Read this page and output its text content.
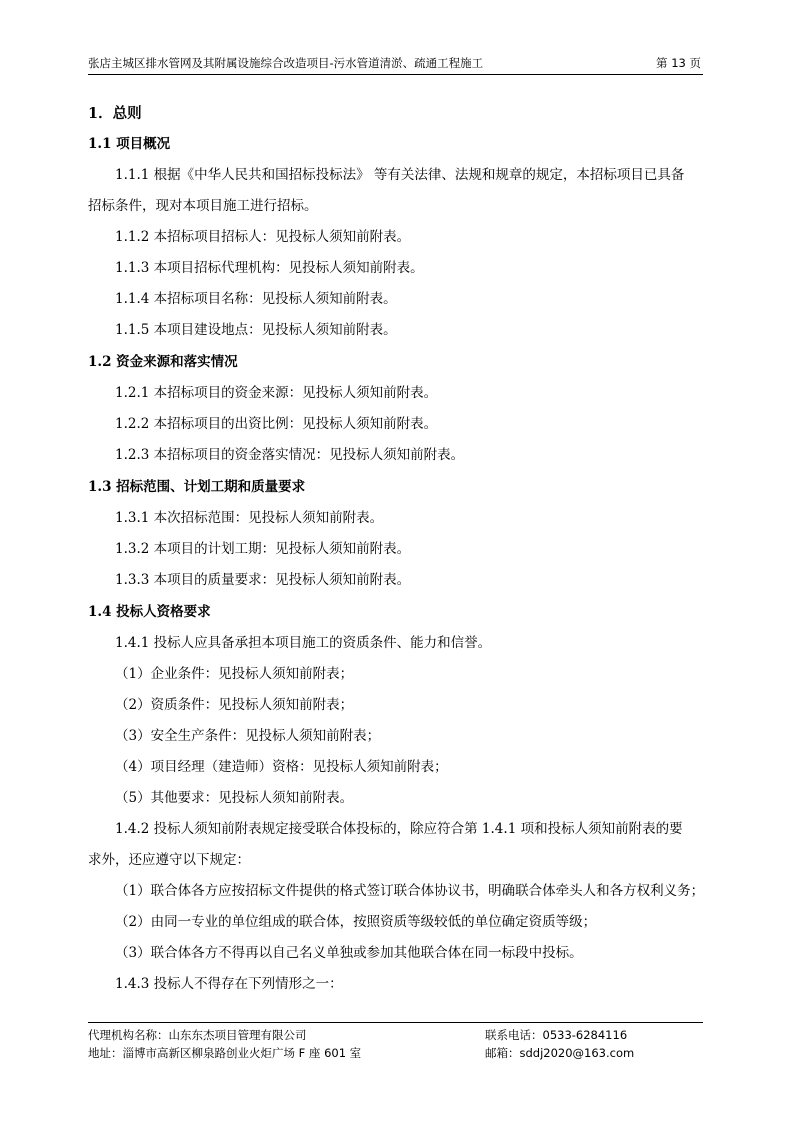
张店主城区排水管网及其附属设施综合改造项目-污水管道清淤、疏通工程施工	第 13 页
1．总则
1.1 项目概况
1.1.1 根据《中华人民共和国招标投标法》 等有关法律、法规和规章的规定，本招标项目已具备
招标条件，现对本项目施工进行招标。
1.1.2 本招标项目招标人：见投标人须知前附表。
1.1.3 本项目招标代理机构：见投标人须知前附表。
1.1.4 本招标项目名称：见投标人须知前附表。
1.1.5 本项目建设地点：见投标人须知前附表。
1.2 资金来源和落实情况
1.2.1 本招标项目的资金来源：见投标人须知前附表。
1.2.2 本招标项目的出资比例：见投标人须知前附表。
1.2.3 本招标项目的资金落实情况：见投标人须知前附表。
1.3 招标范围、计划工期和质量要求
1.3.1 本次招标范围：见投标人须知前附表。
1.3.2 本项目的计划工期：见投标人须知前附表。
1.3.3 本项目的质量要求：见投标人须知前附表。
1.4 投标人资格要求
1.4.1 投标人应具备承担本项目施工的资质条件、能力和信誉。
（1）企业条件：见投标人须知前附表；
（2）资质条件：见投标人须知前附表；
（3）安全生产条件：见投标人须知前附表；
（4）项目经理（建造师）资格：见投标人须知前附表；
（5）其他要求：见投标人须知前附表。
1.4.2 投标人须知前附表规定接受联合体投标的，除应符合第 1.4.1 项和投标人须知前附表的要
求外，还应遵守以下规定：
（1）联合体各方应按招标文件提供的格式签订联合体协议书，明确联合体牵头人和各方权利义务；
（2）由同一专业的单位组成的联合体，按照资质等级较低的单位确定资质等级；
（3）联合体各方不得再以自己名义单独或参加其他联合体在同一标段中投标。
1.4.3 投标人不得存在下列情形之一：
代理机构名称：山东东杰项目管理有限公司	联系电话：0533-6284116
地址：淄博市高新区柳泉路创业火炬广场 F 座 601 室	邮箱：sddj2020@163.com
